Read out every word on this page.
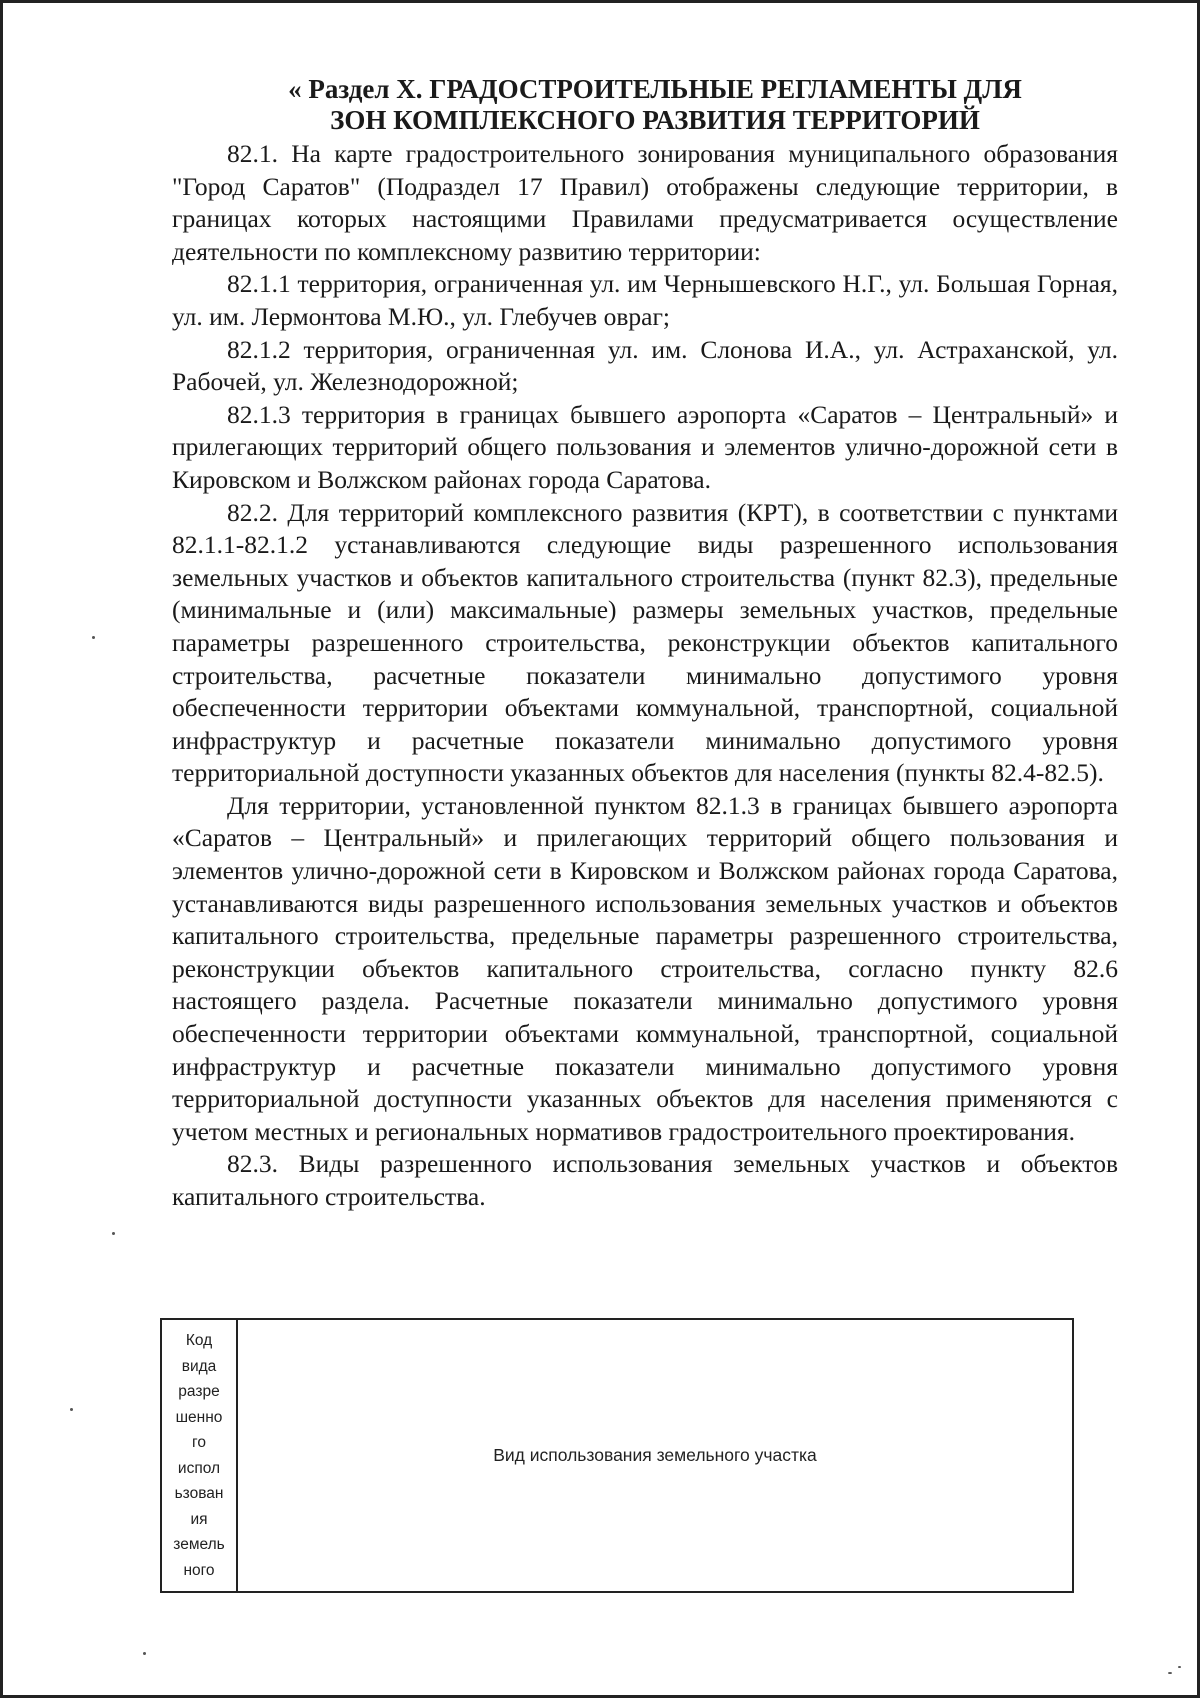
« Раздел X. ГРАДОСТРОИТЕЛЬНЫЕ РЕГЛАМЕНТЫ ДЛЯ
ЗОН КОМПЛЕКСНОГО РАЗВИТИЯ ТЕРРИТОРИЙ

82.1. На карте градостроительного зонирования муниципального образования "Город Саратов" (Подраздел 17 Правил) отображены следующие территории, в границах которых настоящими Правилами предусматривается осуществление деятельности по комплексному развитию территории:

82.1.1 территория, ограниченная ул. им Чернышевского Н.Г., ул. Большая Горная, ул. им. Лермонтова М.Ю., ул. Глебучев овраг;

82.1.2 территория, ограниченная ул. им. Слонова И.А., ул. Астраханской, ул. Рабочей, ул. Железнодорожной;

82.1.3 территория в границах бывшего аэропорта «Саратов – Центральный» и прилегающих территорий общего пользования и элементов улично-дорожной сети в Кировском и Волжском районах города Саратова.

82.2. Для территорий комплексного развития (КРТ), в соответствии с пунктами 82.1.1-82.1.2 устанавливаются следующие виды разрешенного использования земельных участков и объектов капитального строительства (пункт 82.3), предельные (минимальные и (или) максимальные) размеры земельных участков, предельные параметры разрешенного строительства, реконструкции объектов капитального строительства, расчетные показатели минимально допустимого уровня обеспеченности территории объектами коммунальной, транспортной, социальной инфраструктур и расчетные показатели минимально допустимого уровня территориальной доступности указанных объектов для населения (пункты 82.4-82.5).

Для территории, установленной пунктом 82.1.3 в границах бывшего аэропорта «Саратов – Центральный» и прилегающих территорий общего пользования и элементов улично-дорожной сети в Кировском и Волжском районах города Саратова, устанавливаются виды разрешенного использования земельных участков и объектов капитального строительства, предельные параметры разрешенного строительства, реконструкции объектов капитального строительства, согласно пункту 82.6 настоящего раздела. Расчетные показатели минимально допустимого уровня обеспеченности территории объектами коммунальной, транспортной, социальной инфраструктур и расчетные показатели минимально допустимого уровня территориальной доступности указанных объектов для населения применяются с учетом местных и региональных нормативов градостроительного проектирования.

82.3. Виды разрешенного использования земельных участков и объектов капитального строительства.

Код
вида
разре
шенно
го
испол
ьзован
ия
земель
ного
	Вид использования земельного участка
